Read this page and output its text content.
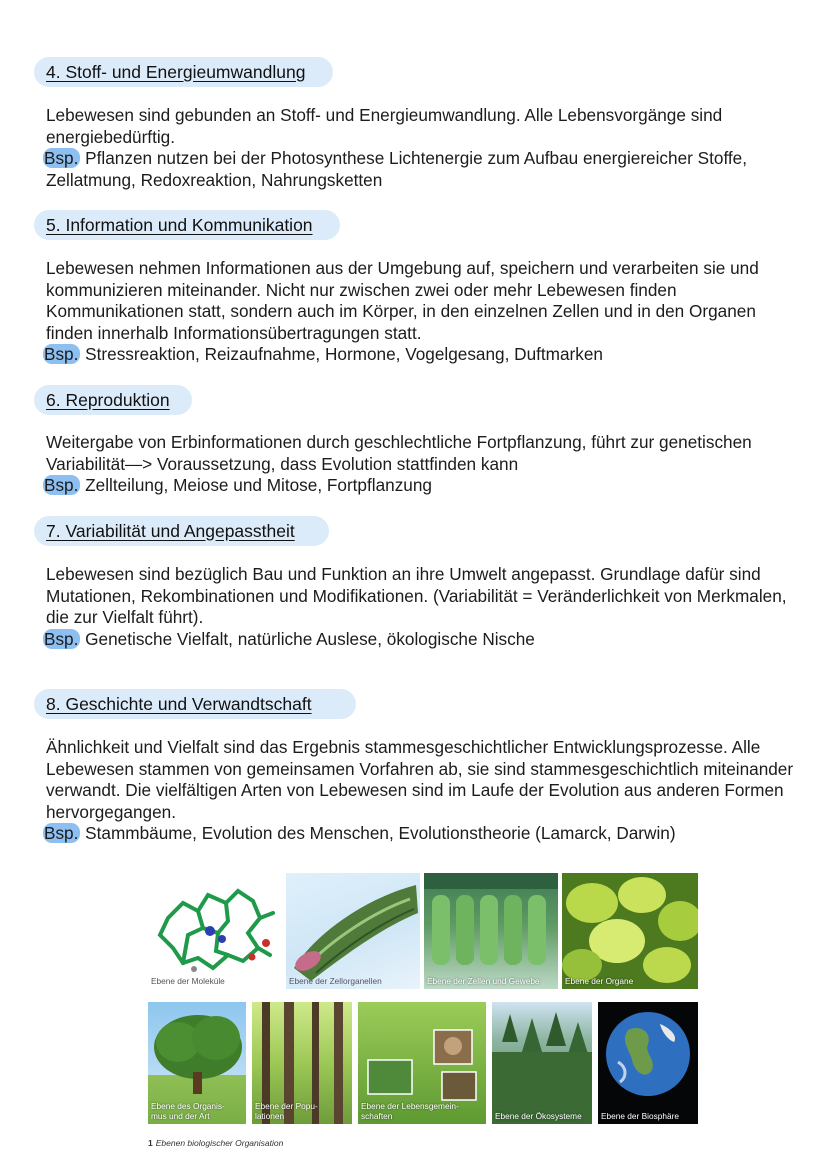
4. Stoff- und Energieumwandlung
Lebewesen sind gebunden an Stoff- und Energieumwandlung. Alle Lebensvorgänge sind energiebedürftig.
Bsp. Pflanzen nutzen bei der Photosynthese Lichtenergie zum Aufbau energiereicher Stoffe, Zellatmung, Redoxreaktion, Nahrungsketten
5. Information und Kommunikation
Lebewesen nehmen Informationen aus der Umgebung auf, speichern und verarbeiten sie und kommunizieren miteinander. Nicht nur zwischen zwei oder mehr Lebewesen finden Kommunikationen statt, sondern auch im Körper, in den einzelnen Zellen und in den Organen finden innerhalb Informationsübertragungen statt.
Bsp. Stressreaktion, Reizaufnahme, Hormone, Vogelgesang, Duftmarken
6. Reproduktion
Weitergabe von Erbinformationen durch geschlechtliche Fortpflanzung, führt zur genetischen Variabilität—> Voraussetzung, dass Evolution stattfinden kann
Bsp. Zellteilung, Meiose und Mitose, Fortpflanzung
7. Variabilität und Angepasstheit
Lebewesen sind bezüglich Bau und Funktion an ihre Umwelt angepasst. Grundlage dafür sind Mutationen, Rekombinationen und Modifikationen. (Variabilität = Veränderlichkeit von Merkmalen, die zur Vielfalt führt).
Bsp. Genetische Vielfalt, natürliche Auslese, ökologische Nische
8. Geschichte und Verwandtschaft
Ähnlichkeit und Vielfalt sind das Ergebnis stammesgeschichtlicher Entwicklungsprozesse. Alle Lebewesen stammen von gemeinsamen Vorfahren ab, sie sind stammesgeschichtlich miteinander verwandt. Die vielfältigen Arten von Lebewesen sind im Laufe der Evolution aus anderen Formen hervorgegangen.
Bsp. Stammbäume, Evolution des Menschen, Evolutionstheorie (Lamarck, Darwin)
Ebene der Moleküle	Ebene der Zellorganellen	Ebene der Zellen und Gewebe	Ebene der Organe
Ebene des Organis-
mus und der Art
Ebene der Popu-
lationen
Ebene der Lebensgemein-
schaften	Ebene der Ökosysteme Ebene der Biosphäre
1 Ebenen biologischer Organisation
